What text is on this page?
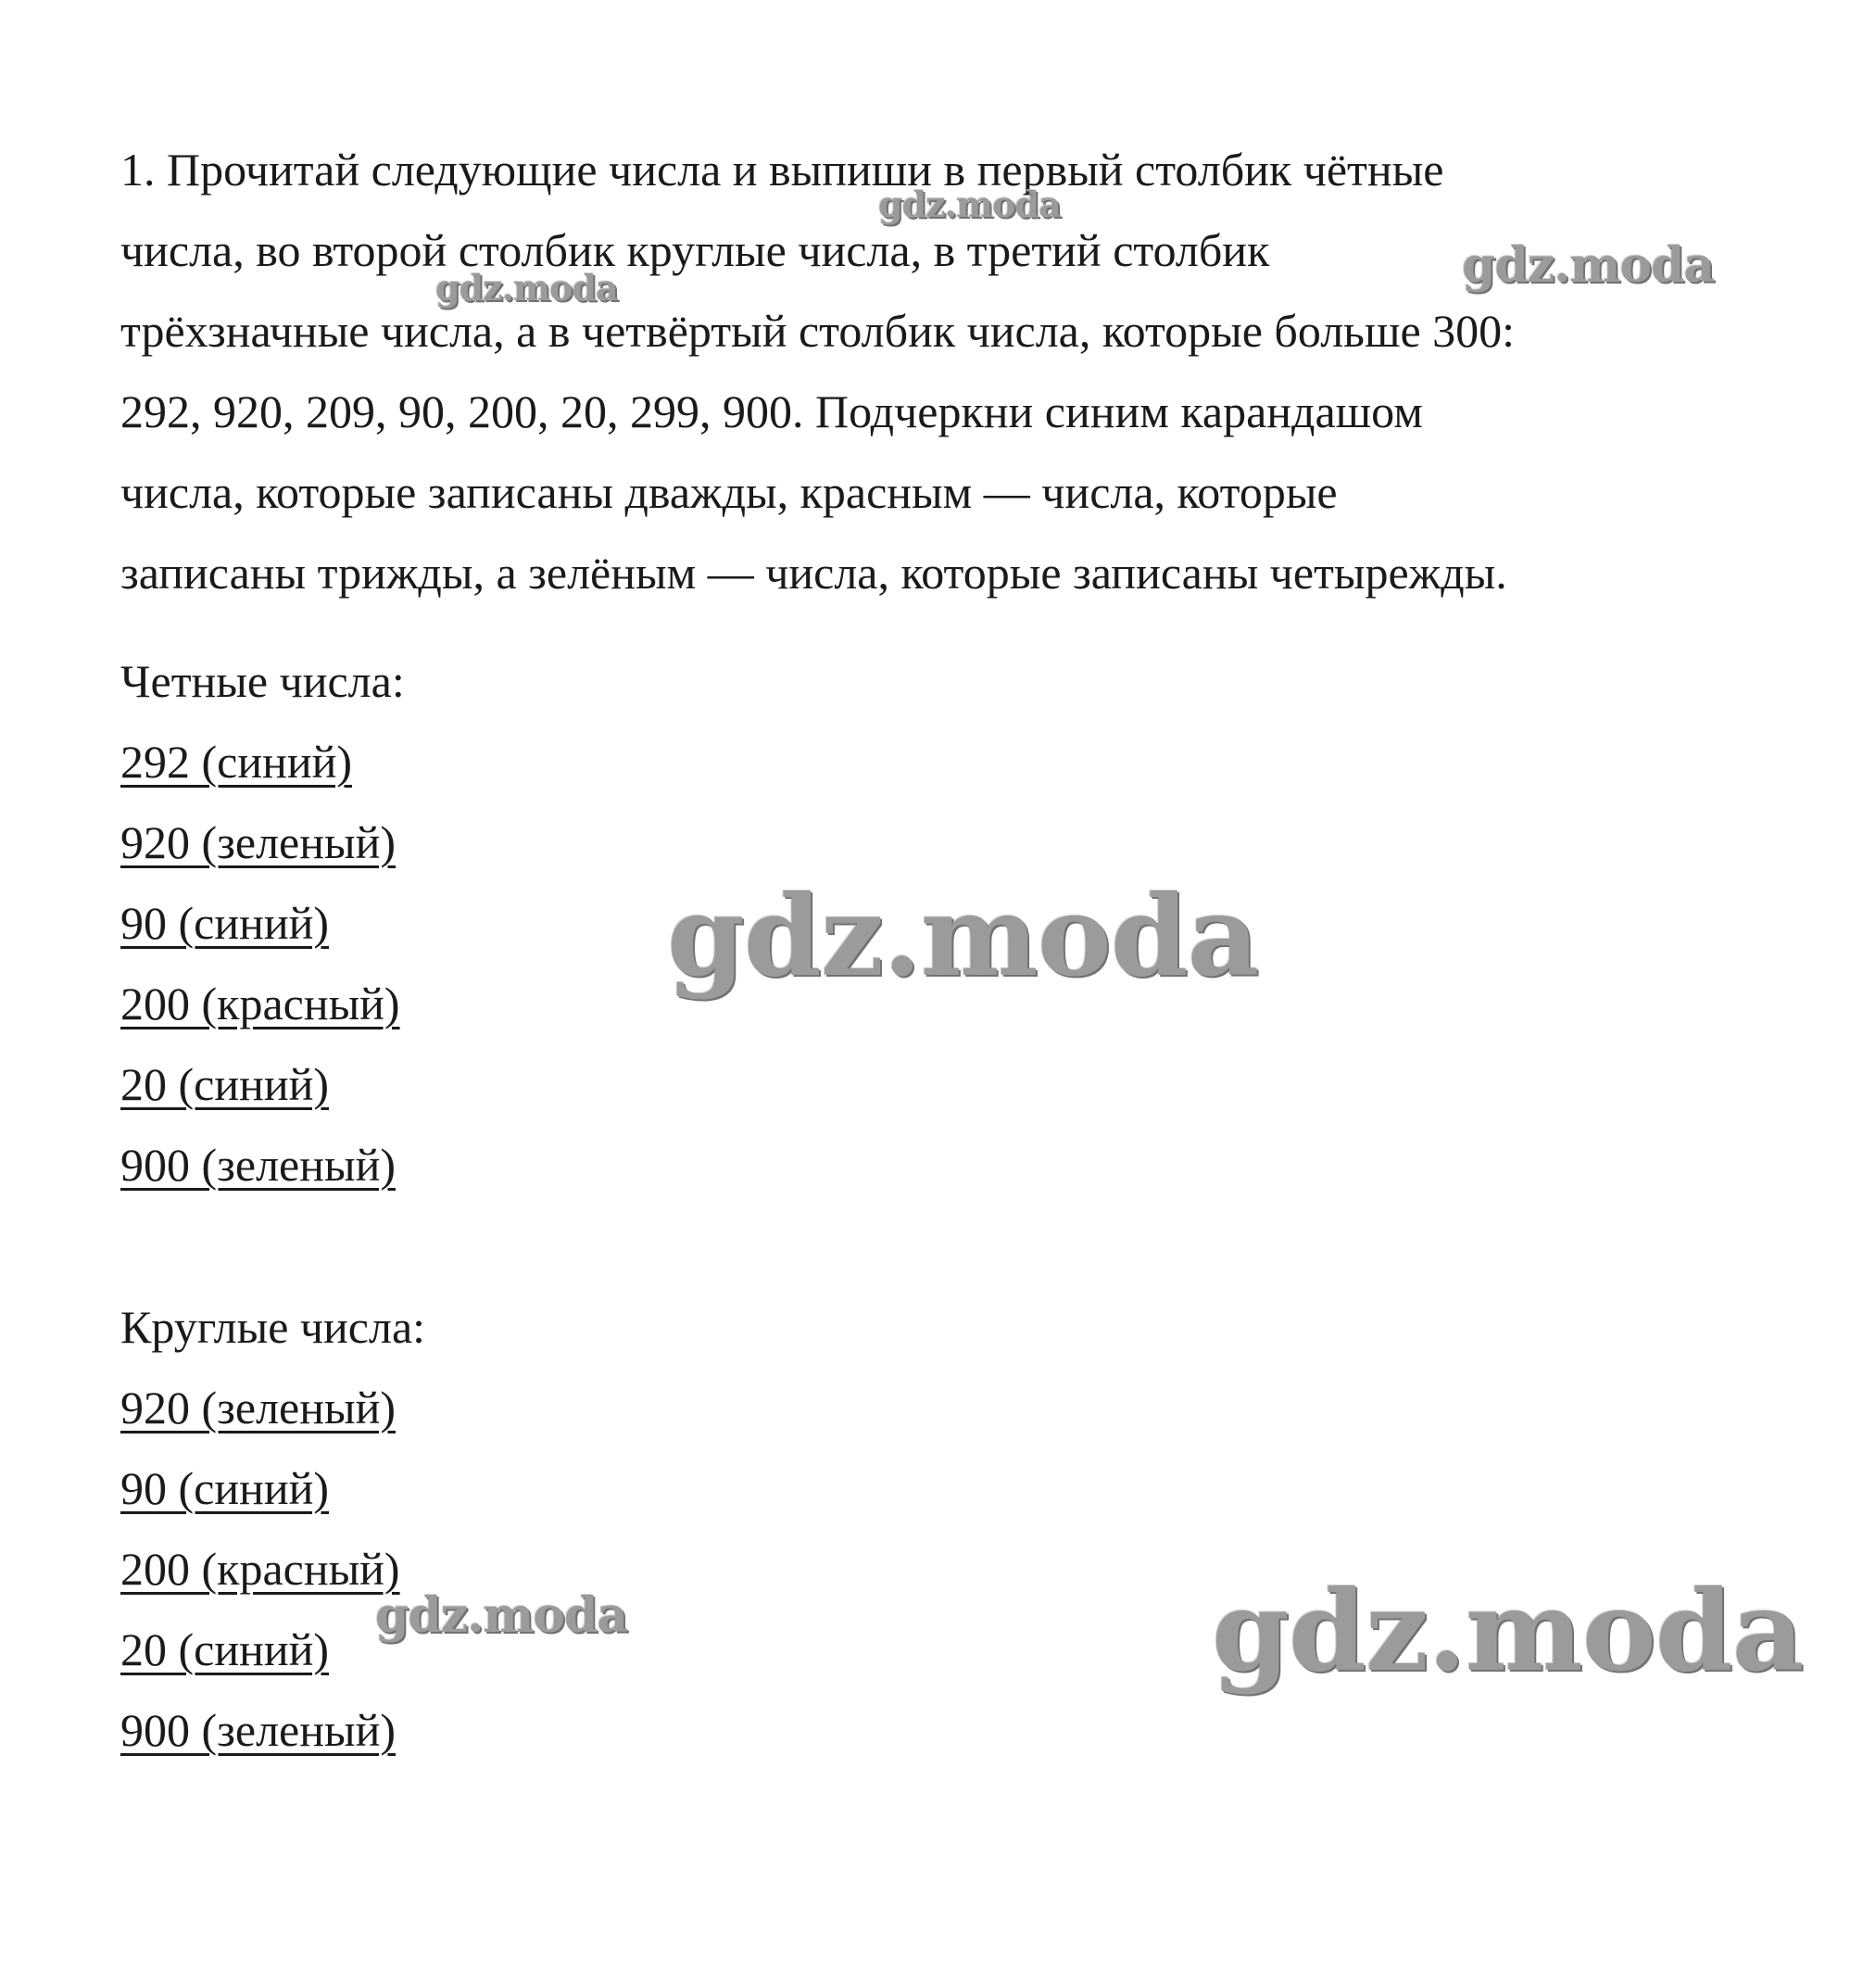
1. Прочитай следующие числа и выпиши в первый столбик чётные
числа, во второй столбик круглые числа, в третий столбик
трёхзначные числа, а в четвёртый столбик числа, которые больше 300:
292, 920, 209, 90, 200, 20, 299, 900. Подчеркни синим карандашом
числа, которые записаны дважды, красным — числа, которые
записаны трижды, а зелёным — числа, которые записаны четырежды.

Четные числа:

292 (синий)
920 (зеленый)
90 (синий)
200 (красный)
20 (синий)
900 (зеленый)

Круглые числа:

920 (зеленый)
90 (синий)
200 (красный)
20 (синий)
900 (зеленый)
gdz.moda
gdz.moda
gdz.moda
gdz.moda
gdz.moda	gdz.moda
